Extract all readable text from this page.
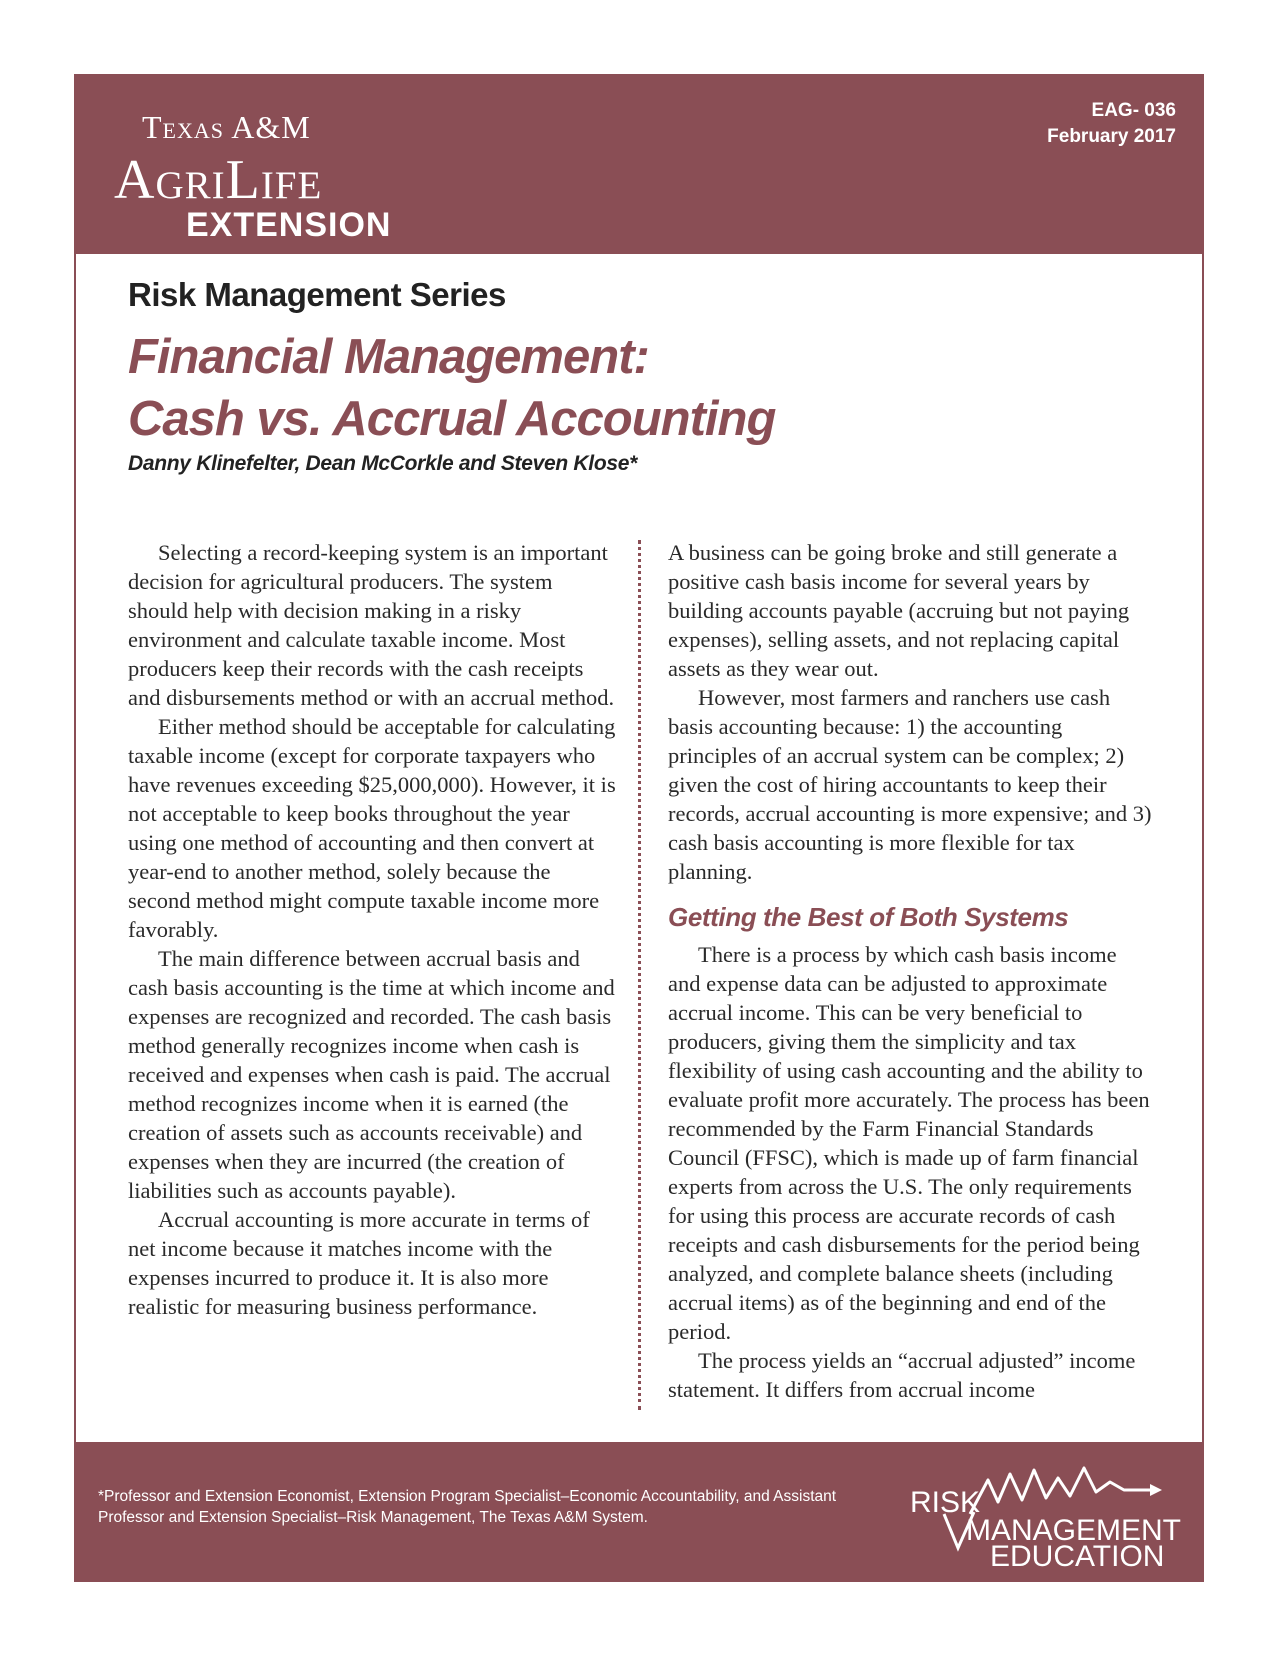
Texas A&M
AgriLife
EXTENSION
EAG- 036
February 2017
Risk Management Series
Financial Management:
Cash vs. Accrual Accounting

Danny Klinefelter, Dean McCorkle and Steven Klose*

Selecting a record-keeping system is an important decision for agricultural producers. The system should help with decision making in a risky environment and calculate taxable income. Most producers keep their records with the cash receipts and disbursements method or with an accrual method.

Either method should be acceptable for calculating taxable income (except for corporate taxpayers who have revenues exceeding $25,000,000). However, it is not acceptable to keep books throughout the year using one method of accounting and then convert at year-end to another method, solely because the second method might compute taxable income more favorably.

The main difference between accrual basis and cash basis accounting is the time at which income and expenses are recognized and recorded. The cash basis method generally recognizes income when cash is received and expenses when cash is paid. The accrual method recognizes income when it is earned (the creation of assets such as accounts receivable) and expenses when they are incurred (the creation of liabilities such as accounts payable).

Accrual accounting is more accurate in terms of net income because it matches income with the expenses incurred to produce it. It is also more realistic for measuring business performance.

A business can be going broke and still generate a positive cash basis income for several years by building accounts payable (accruing but not paying expenses), selling assets, and not replacing capital assets as they wear out.

However, most farmers and ranchers use cash basis accounting because: 1) the accounting principles of an accrual system can be complex; 2) given the cost of hiring accountants to keep their records, accrual accounting is more expensive; and 3) cash basis accounting is more flexible for tax planning.

Getting the Best of Both Systems

There is a process by which cash basis income and expense data can be adjusted to approximate accrual income. This can be very beneficial to producers, giving them the simplicity and tax flexibility of using cash accounting and the ability to evaluate profit more accurately. The process has been recommended by the Farm Financial Standards Council (FFSC), which is made up of farm financial experts from across the U.S. The only requirements for using this process are accurate records of cash receipts and cash disbursements for the period being analyzed, and complete balance sheets (including accrual items) as of the beginning and end of the period.

The process yields an “accrual adjusted” income statement. It differs from accrual income

*Professor and Extension Economist, Extension Program Specialist–Economic Accountability, and Assistant Professor and Extension Specialist–Risk Management, The Texas A&M System.	RISK
MANAGEMENT
EDUCATION
